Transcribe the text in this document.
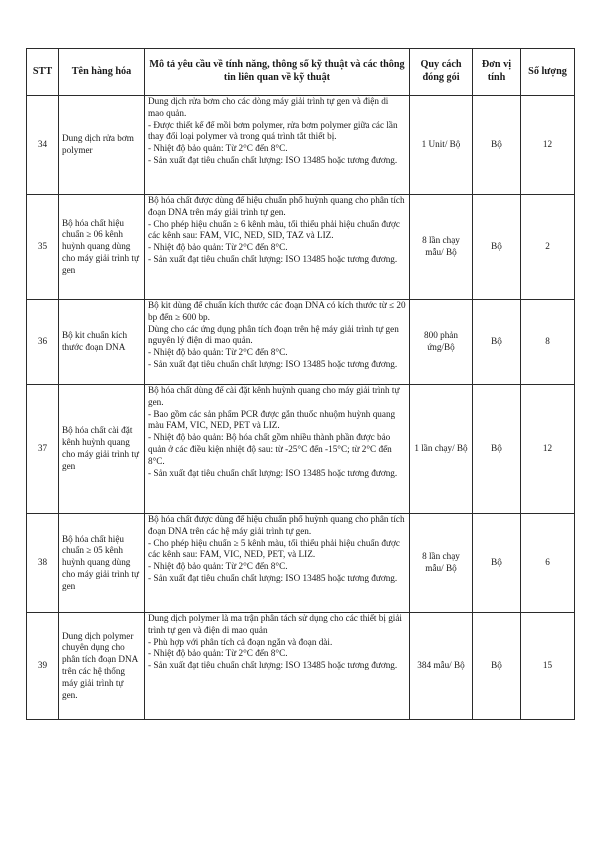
STT	Tên hàng hóa	Mô tả yêu cầu về tính năng, thông số kỹ thuật và các thông tin liên quan về kỹ thuật	Quy cách đóng gói	Đơn vị tính	Số lượng
34	Dung dịch rửa bơm polymer	Dung dịch rửa bơm cho các dòng máy giải trình tự gen và điện di mao quản.
- Được thiết kế để mồi bơm polymer, rửa bơm polymer giữa các lần thay đổi loại polymer và trong quá trình tắt thiết bị.
- Nhiệt độ bảo quản: Từ 2°C đến 8°C.
- Sản xuất đạt tiêu chuẩn chất lượng: ISO 13485 hoặc tương đương.	1 Unit/ Bộ	Bộ	12
35	Bộ hóa chất hiệu chuẩn ≥ 06 kênh huỳnh quang dùng cho máy giải trình tự gen	Bộ hóa chất được dùng để hiệu chuẩn phổ huỳnh quang cho phân tích đoạn DNA trên máy giải trình tự gen.
- Cho phép hiệu chuẩn ≥ 6 kênh màu, tối thiểu phải hiệu chuẩn được các kênh sau: FAM, VIC, NED, SID, TAZ và LIZ.
- Nhiệt độ bảo quản: Từ 2°C đến 8°C.
- Sản xuất đạt tiêu chuẩn chất lượng: ISO 13485 hoặc tương đương.	8 lần chạy mẫu/ Bộ	Bộ	2
36	Bộ kit chuẩn kích thước đoạn DNA	Bộ kit dùng để chuẩn kích thước các đoạn DNA có kích thước từ ≤ 20 bp đến ≥ 600 bp.
Dùng cho các ứng dụng phân tích đoạn trên hệ máy giải trình tự gen nguyên lý điện di mao quản.
- Nhiệt độ bảo quản: Từ 2°C đến 8°C.
- Sản xuất đạt tiêu chuẩn chất lượng: ISO 13485 hoặc tương đương.	800 phản ứng/Bộ	Bộ	8
37	Bộ hóa chất cài đặt kênh huỳnh quang cho máy giải trình tự gen	Bộ hóa chất dùng để cài đặt kênh huỳnh quang cho máy giải trình tự gen.
- Bao gồm các sản phẩm PCR được gắn thuốc nhuộm huỳnh quang màu FAM, VIC, NED, PET và LIZ.
- Nhiệt độ bảo quản: Bộ hóa chất gồm nhiều thành phần được bảo quản ở các điều kiện nhiệt độ sau: từ -25°C đến -15°C; từ 2°C đến 8°C.
- Sản xuất đạt tiêu chuẩn chất lượng: ISO 13485 hoặc tương đương.	1 lần chạy/ Bộ	Bộ	12
38	Bộ hóa chất hiệu chuẩn ≥ 05 kênh huỳnh quang dùng cho máy giải trình tự gen	Bộ hóa chất được dùng để hiệu chuẩn phổ huỳnh quang cho phân tích đoạn DNA trên các hệ máy giải trình tự gen.
- Cho phép hiệu chuẩn ≥ 5 kênh màu, tối thiểu phải hiệu chuẩn được các kênh sau: FAM, VIC, NED, PET, và LIZ.
- Nhiệt độ bảo quản: Từ 2°C đến 8°C.
- Sản xuất đạt tiêu chuẩn chất lượng: ISO 13485 hoặc tương đương.	8 lần chạy mẫu/ Bộ	Bộ	6
39	Dung dịch polymer chuyên dụng cho phân tích đoạn DNA trên các hệ thống máy giải trình tự gen.	Dung dịch polymer là ma trận phân tách sử dụng cho các thiết bị giải trình tự gen và điện di mao quản
- Phù hợp với phân tích cả đoạn ngắn và đoạn dài.
- Nhiệt độ bảo quản: Từ 2°C đến 8°C.
- Sản xuất đạt tiêu chuẩn chất lượng: ISO 13485 hoặc tương đương.	384 mẫu/ Bộ	Bộ	15
